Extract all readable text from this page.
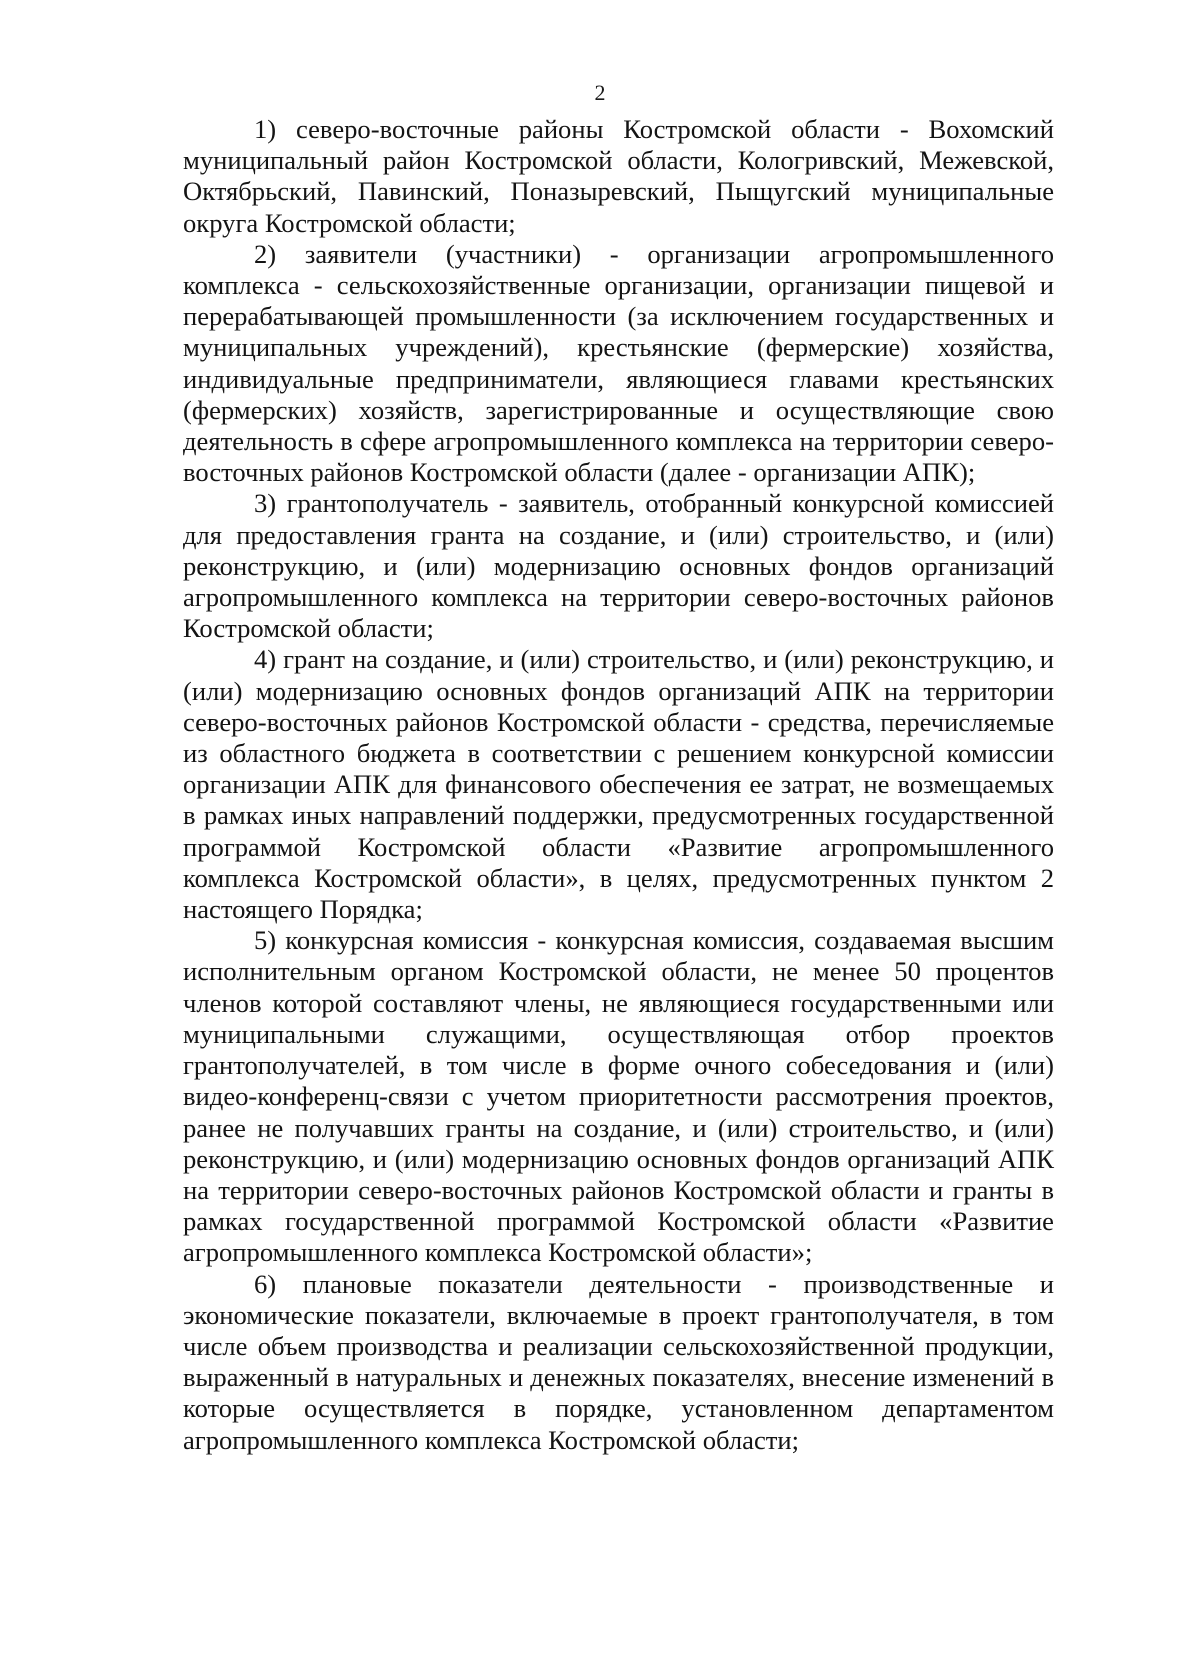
2

1) северо-восточные районы Костромской области - Вохомский муниципальный район Костромской области, Кологривский, Межевской, Октябрьский, Павинский, Поназыревский, Пыщугский муниципальные округа Костромской области;

2) заявители (участники) - организации агропромышленного комплекса - сельскохозяйственные организации, организации пищевой и перерабатывающей промышленности (за исключением государственных и муниципальных учреждений), крестьянские (фермерские) хозяйства, индивидуальные предприниматели, являющиеся главами крестьянских (фермерских) хозяйств, зарегистрированные и осуществляющие свою деятельность в сфере агропромышленного комплекса на территории северо-восточных районов Костромской области (далее - организации АПК);

3) грантополучатель - заявитель, отобранный конкурсной комиссией для предоставления гранта на создание, и (или) строительство, и (или) реконструкцию, и (или) модернизацию основных фондов организаций агропромышленного комплекса на территории северо-восточных районов Костромской области;

4) грант на создание, и (или) строительство, и (или) реконструкцию, и (или) модернизацию основных фондов организаций АПК на территории северо-восточных районов Костромской области - средства, перечисляемые из областного бюджета в соответствии с решением конкурсной комиссии организации АПК для финансового обеспечения ее затрат, не возмещаемых в рамках иных направлений поддержки, предусмотренных государственной программой Костромской области «Развитие агропромышленного комплекса Костромской области», в целях, предусмотренных пунктом 2 настоящего Порядка;

5) конкурсная комиссия - конкурсная комиссия, создаваемая высшим исполнительным органом Костромской области, не менее 50 процентов членов которой составляют члены, не являющиеся государственными или муниципальными служащими, осуществляющая отбор проектов грантополучателей, в том числе в форме очного собеседования и (или) видео-конференц-связи с учетом приоритетности рассмотрения проектов, ранее не получавших гранты на создание, и (или) строительство, и (или) реконструкцию, и (или) модернизацию основных фондов организаций АПК на территории северо-восточных районов Костромской области и гранты в рамках государственной программой Костромской области «Развитие агропромышленного комплекса Костромской области»;

6) плановые показатели деятельности - производственные и экономические показатели, включаемые в проект грантополучателя, в том числе объем производства и реализации сельскохозяйственной продукции, выраженный в натуральных и денежных показателях, внесение изменений в которые осуществляется в порядке, установленном департаментом агропромышленного комплекса Костромской области;
